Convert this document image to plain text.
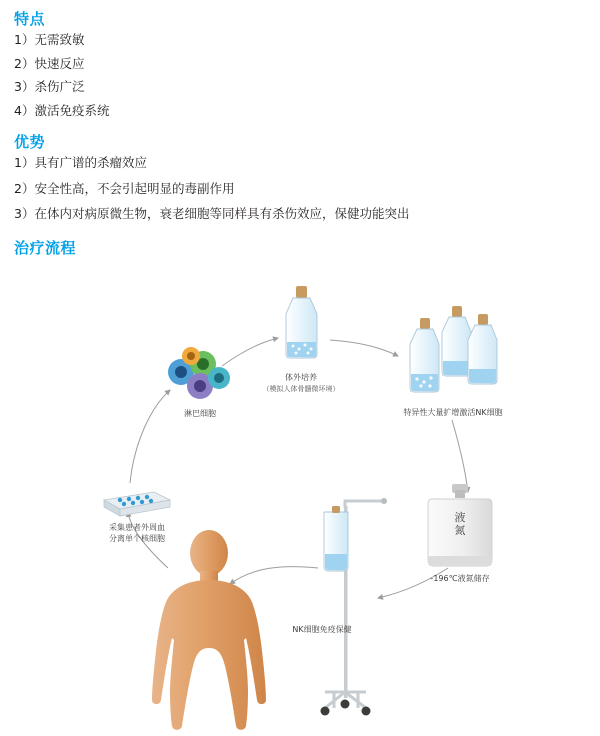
特点
1）无需致敏
2）快速反应
3）杀伤广泛
4）激活免疫系统
优势
1）具有广谱的杀瘤效应
2）安全性高，不会引起明显的毒副作用
3）在体内对病原微生物，衰老细胞等同样具有杀伤效应，保健功能突出
治疗流程
采集患者外周血
分离单个核细胞
淋巴细胞
体外培养
（模拟人体骨髓微环境）
特异性大量扩增激活NK细胞
液
氮
-196℃液氮储存
NK细胞免疫保健
